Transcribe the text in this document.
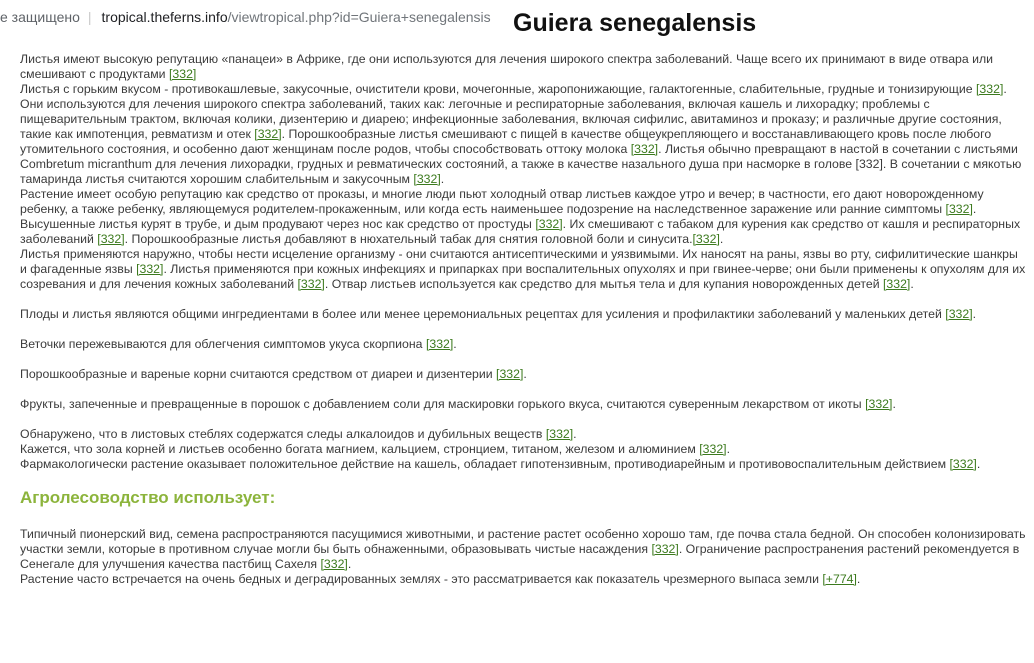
е защищено | tropical.theferns.info /viewtropical.php?id=Guiera+senegalensis Guiera senegalensis

Листья имеют высокую репутацию «панацеи» в Африке, где они используются для лечения широкого спектра заболеваний. Чаще всего их принимают в виде отвара или смешивают с продуктами [332]
Листья с горьким вкусом - противокашлевые, закусочные, очистители крови, мочегонные, жаропонижающие, галактогенные, слабительные, грудные и тонизирующие [332]. Они используются для лечения широкого спектра заболеваний, таких как: легочные и респираторные заболевания, включая кашель и лихорадку; проблемы с пищеварительным трактом, включая колики, дизентерию и диарею; инфекционные заболевания, включая сифилис, авитаминоз и проказу; и различные другие состояния, такие как импотенция, ревматизм и отек [332]. Порошкообразные листья смешивают с пищей в качестве общеукрепляющего и восстанавливающего кровь после любого утомительного состояния, и особенно дают женщинам после родов, чтобы способствовать оттоку молока [332]. Листья обычно превращают в настой в сочетании с листьями Combretum micranthum для лечения лихорадки, грудных и ревматических состояний, а также в качестве назального душа при насморке в голове [332]. В сочетании с мякотью тамаринда листья считаются хорошим слабительным и закусочным [332].
Растение имеет особую репутацию как средство от проказы, и многие люди пьют холодный отвар листьев каждое утро и вечер; в частности, его дают новорожденному ребенку, а также ребенку, являющемуся родителем-прокаженным, или когда есть наименьшее подозрение на наследственное заражение или ранние симптомы [332].
Высушенные листья курят в трубе, и дым продувают через нос как средство от простуды [332]. Их смешивают с табаком для курения как средство от кашля и респираторных заболеваний [332]. Порошкообразные листья добавляют в нюхательный табак для снятия головной боли и синусита.[332].
Листья применяются наружно, чтобы нести исцеление организму - они считаются антисептическими и уязвимыми. Их наносят на раны, язвы во рту, сифилитические шанкры и фагаденные язвы [332]. Листья применяются при кожных инфекциях и припарках при воспалительных опухолях и при гвинее-черве; они были применены к опухолям для их созревания и для лечения кожных заболеваний [332]. Отвар листьев используется как средство для мытья тела и для купания новорожденных детей [332].

Плоды и листья являются общими ингредиентами в более или менее церемониальных рецептах для усиления и профилактики заболеваний у маленьких детей [332].

Веточки пережевываются для облегчения симптомов укуса скорпиона [332].

Порошкообразные и вареные корни считаются средством от диареи и дизентерии [332].

Фрукты, запеченные и превращенные в порошок с добавлением соли для маскировки горького вкуса, считаются суверенным лекарством от икоты [332].

Обнаружено, что в листовых стеблях содержатся следы алкалоидов и дубильных веществ [332].
Кажется, что зола корней и листьев особенно богата магнием, кальцием, стронцием, титаном, железом и алюминием [332].
Фармакологически растение оказывает положительное действие на кашель, обладает гипотензивным, противодиарейным и противовоспалительным действием [332].

Агролесоводство использует:

Типичный пионерский вид, семена распространяются пасущимися животными, и растение растет особенно хорошо там, где почва стала бедной. Он способен колонизировать участки земли, которые в противном случае могли бы быть обнаженными, образовывать чистые насаждения [332]. Ограничение распространения растений рекомендуется в Сенегале для улучшения качества пастбищ Сахеля [332].
Растение часто встречается на очень бедных и деградированных землях - это рассматривается как показатель чрезмерного выпаса земли [+774].
